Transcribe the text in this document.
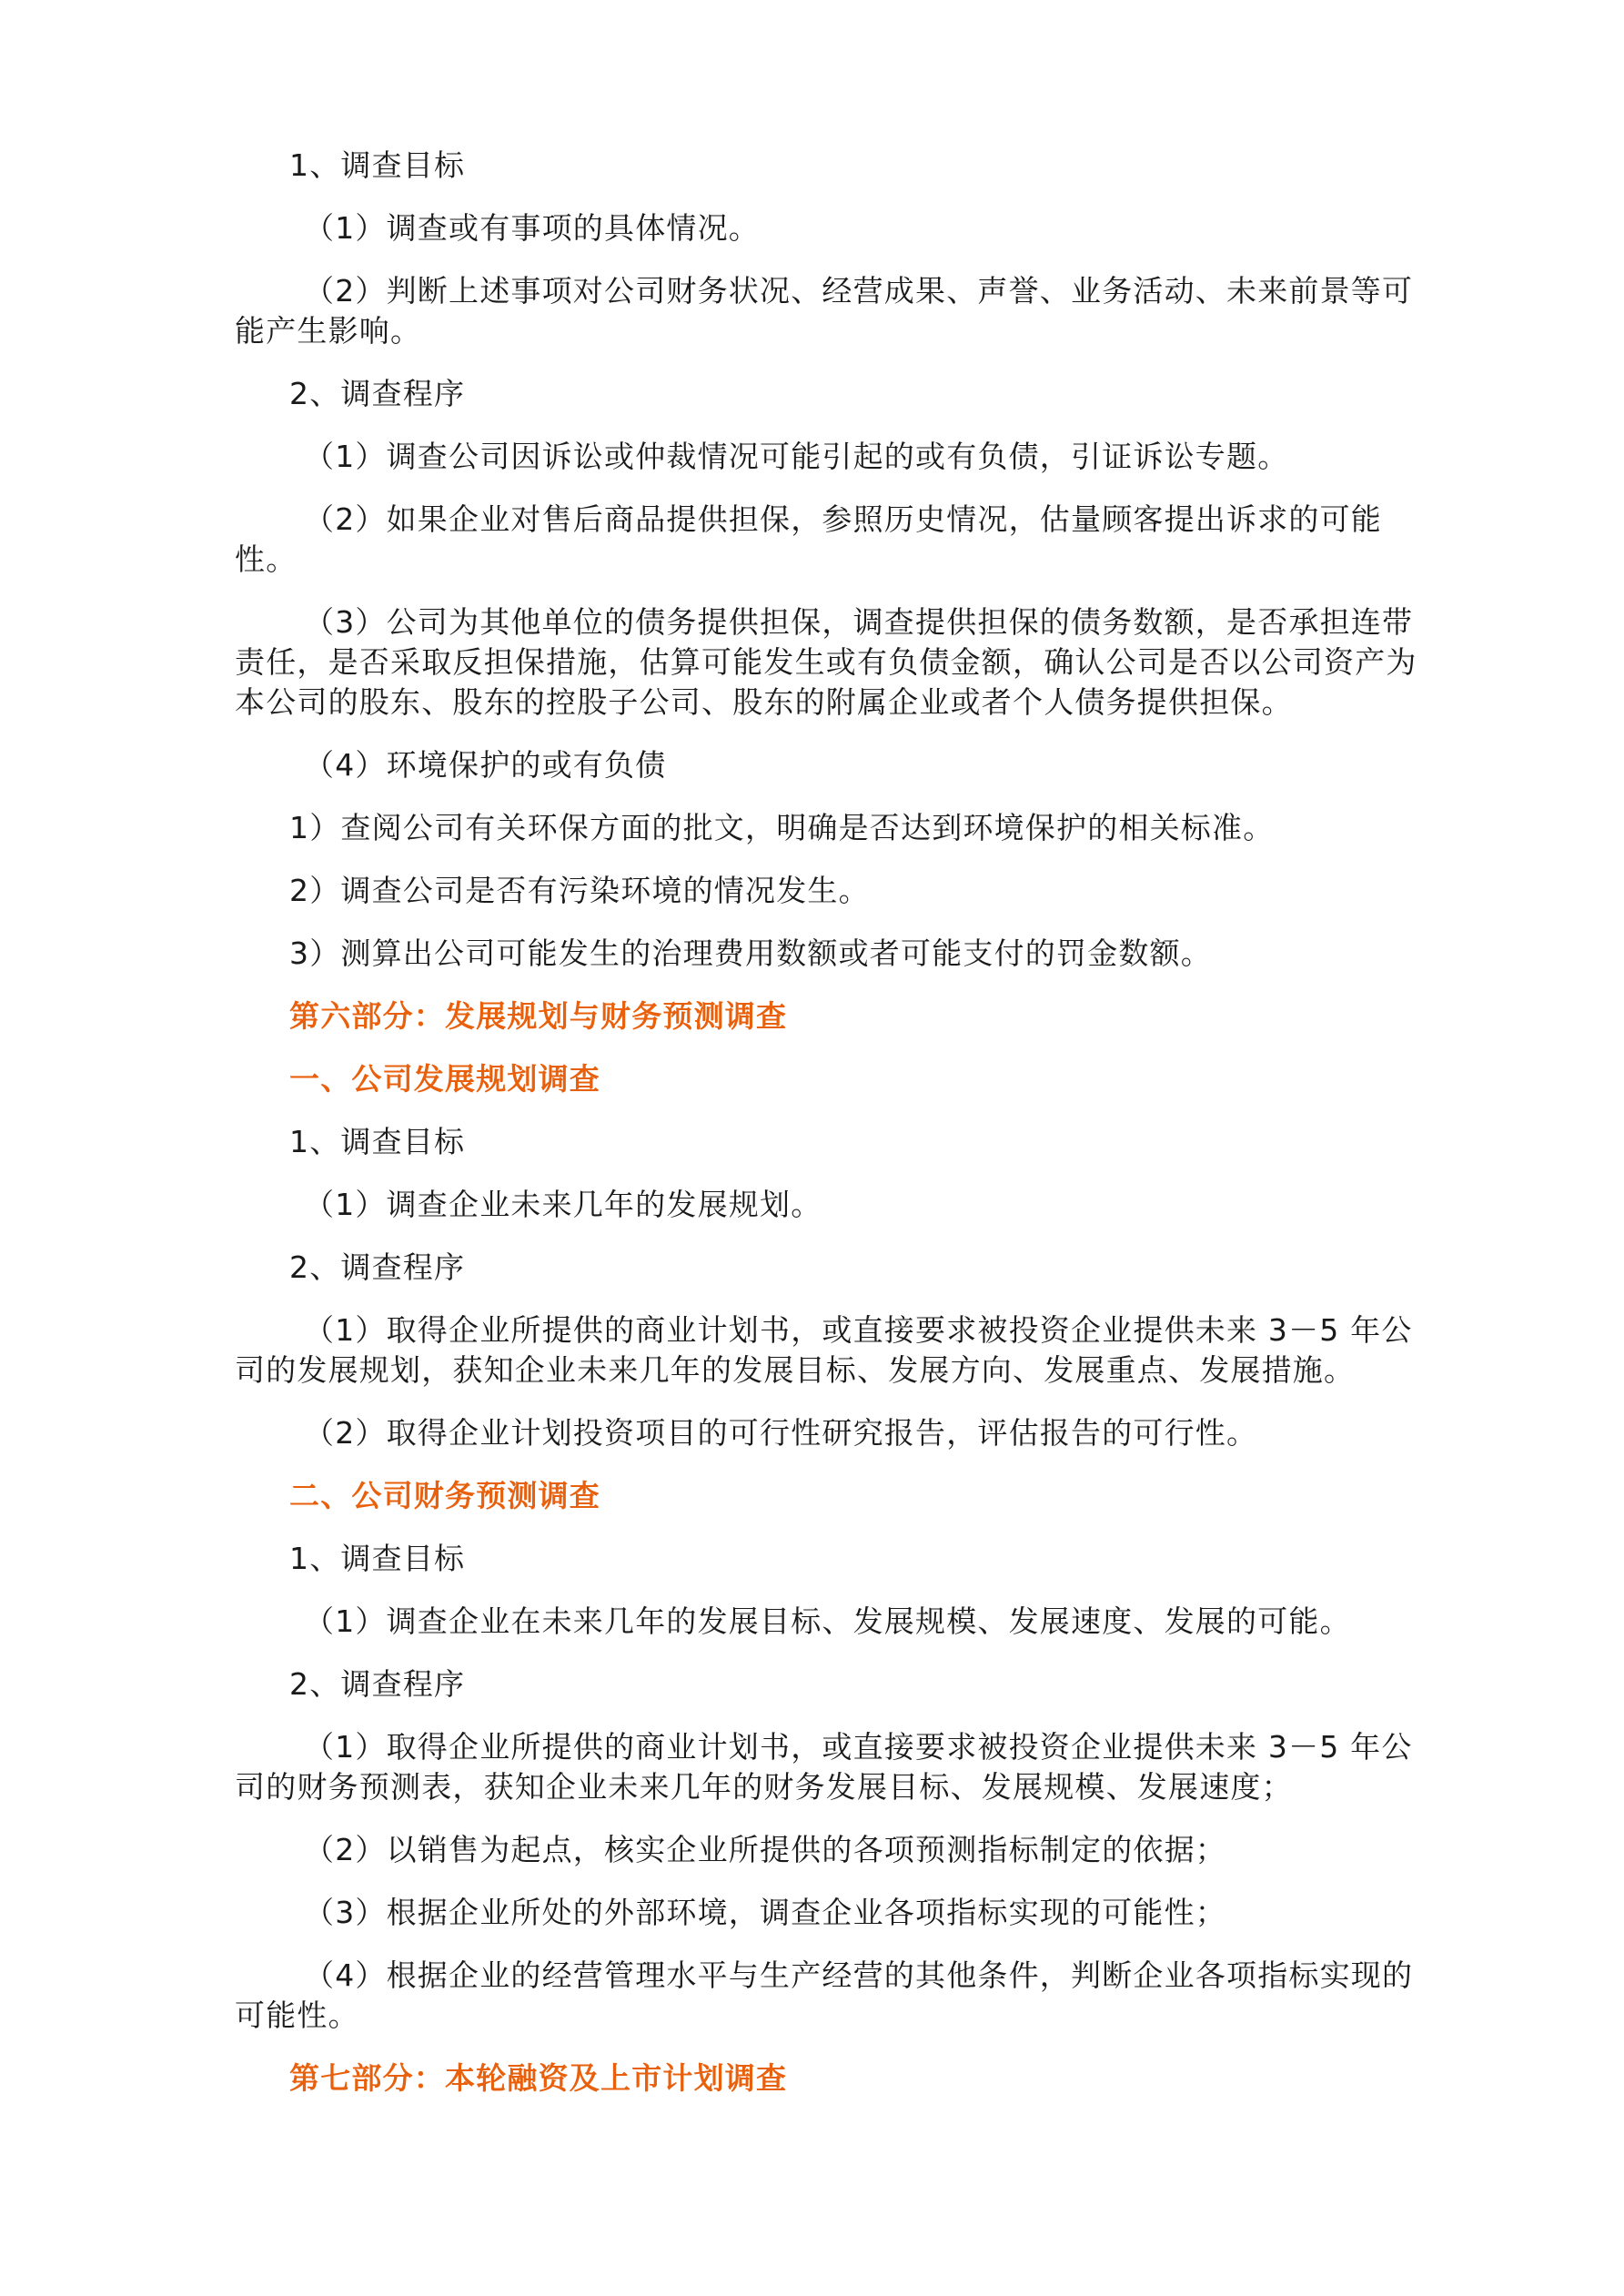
1、调查目标

（1）调查或有事项的具体情况。

（2）判断上述事项对公司财务状况、经营成果、声誉、业务活动、未来前景等可能产生影响。

2、调查程序

（1）调查公司因诉讼或仲裁情况可能引起的或有负债，引证诉讼专题。

（2）如果企业对售后商品提供担保，参照历史情况，估量顾客提出诉求的可能性。

（3）公司为其他单位的债务提供担保，调查提供担保的债务数额，是否承担连带责任，是否采取反担保措施，估算可能发生或有负债金额，确认公司是否以公司资产为本公司的股东、股东的控股子公司、股东的附属企业或者个人债务提供担保。

（4）环境保护的或有负债

1）查阅公司有关环保方面的批文，明确是否达到环境保护的相关标准。

2）调查公司是否有污染环境的情况发生。

3）测算出公司可能发生的治理费用数额或者可能支付的罚金数额。

第六部分：发展规划与财务预测调查

一、公司发展规划调查

1、调查目标

（1）调查企业未来几年的发展规划。

2、调查程序

（1）取得企业所提供的商业计划书，或直接要求被投资企业提供未来 3－5 年公司的发展规划，获知企业未来几年的发展目标、发展方向、发展重点、发展措施。

（2）取得企业计划投资项目的可行性研究报告，评估报告的可行性。

二、公司财务预测调查

1、调查目标

（1）调查企业在未来几年的发展目标、发展规模、发展速度、发展的可能。

2、调查程序

（1）取得企业所提供的商业计划书，或直接要求被投资企业提供未来 3－5 年公司的财务预测表，获知企业未来几年的财务发展目标、发展规模、发展速度；

（2）以销售为起点，核实企业所提供的各项预测指标制定的依据；

（3）根据企业所处的外部环境，调查企业各项指标实现的可能性；

（4）根据企业的经营管理水平与生产经营的其他条件，判断企业各项指标实现的可能性。

第七部分：本轮融资及上市计划调查
